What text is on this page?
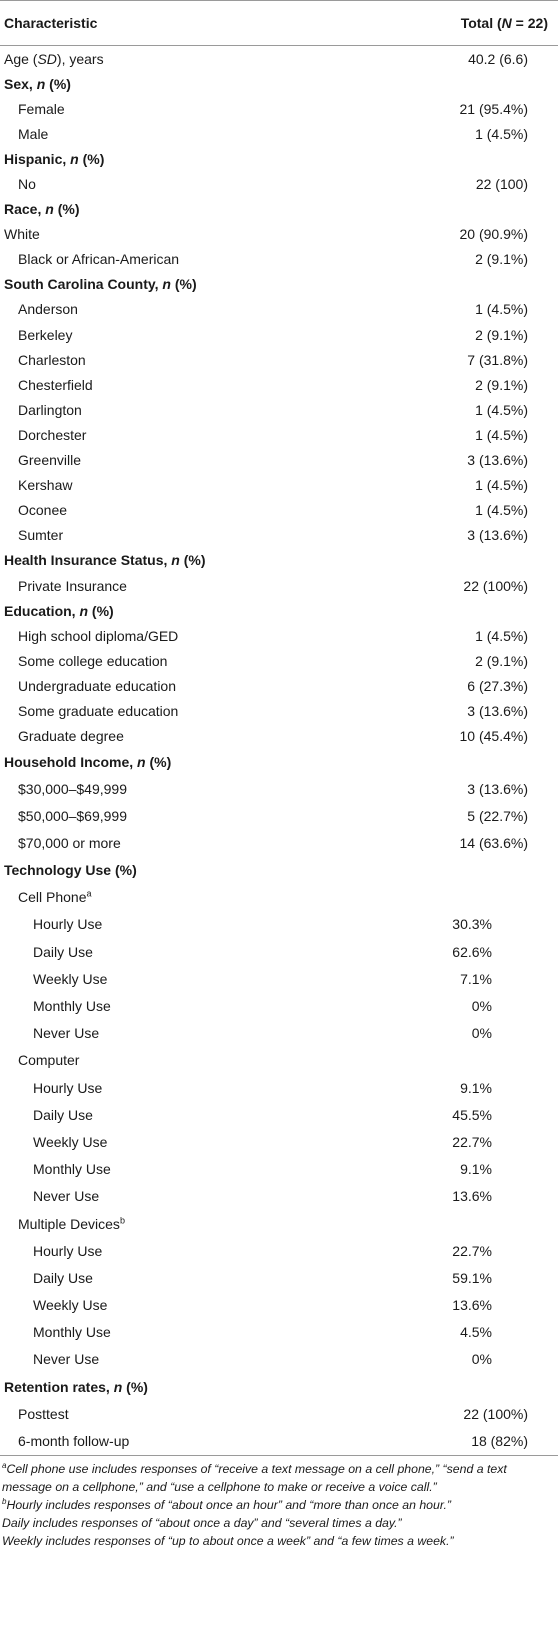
Characteristic	Total (N = 22)
Age (SD), years	40.2 (6.6)
Sex, n (%)	
Female	21 (95.4%)
Male	1 (4.5%)
Hispanic, n (%)	
No	22 (100)
Race, n (%)	
White	20 (90.9%)
Black or African-American	2 (9.1%)
South Carolina County, n (%)	
Anderson	1 (4.5%)
Berkeley	2 (9.1%)
Charleston	7 (31.8%)
Chesterfield	2 (9.1%)
Darlington	1 (4.5%)
Dorchester	1 (4.5%)
Greenville	3 (13.6%)
Kershaw	1 (4.5%)
Oconee	1 (4.5%)
Sumter	3 (13.6%)
Health Insurance Status, n (%)	
Private Insurance	22 (100%)
Education, n (%)	
High school diploma/GED	1 (4.5%)
Some college education	2 (9.1%)
Undergraduate education	6 (27.3%)
Some graduate education	3 (13.6%)
Graduate degree	10 (45.4%)
Household Income, n (%)	
$30,000–$49,999	3 (13.6%)
$50,000–$69,999	5 (22.7%)
$70,000 or more	14 (63.6%)
Technology Use (%)	
Cell Phone$^a$	
Hourly Use	30.3%
Daily Use	62.6%
Weekly Use	7.1%
Monthly Use	0%
Never Use	0%
Computer	
Hourly Use	9.1%
Daily Use	45.5%
Weekly Use	22.7%
Monthly Use	9.1%
Never Use	13.6%
Multiple Devices$^b$	
Hourly Use	22.7%
Daily Use	59.1%
Weekly Use	13.6%
Monthly Use	4.5%
Never Use	0%
Retention rates, n (%)	
Posttest	22 (100%)
6-month follow-up	18 (82%)
$^a$Cell phone use includes responses of “receive a text message on a cell phone,” “send a text message on a cellphone,” and “use a cellphone to make or receive a voice call.”
$^b$Hourly includes responses of “about once an hour” and “more than once an hour.”
Daily includes responses of “about once a day” and “several times a day.”
Weekly includes responses of “up to about once a week” and “a few times a week.”
